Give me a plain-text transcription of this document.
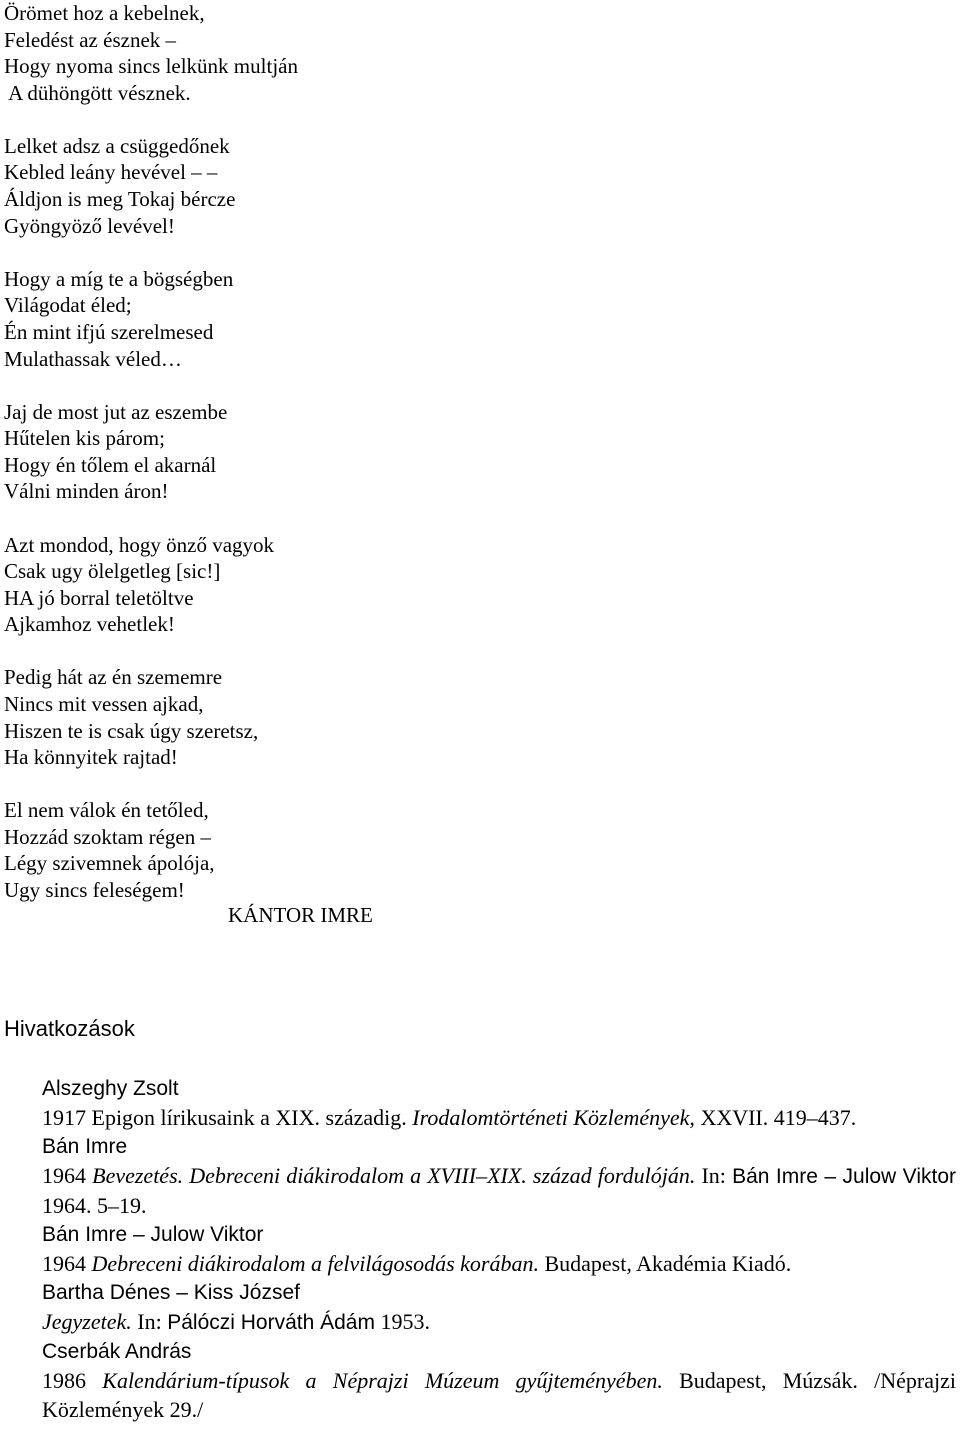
Örömet hoz a kebelnek,
Feledést az észnek –
Hogy nyoma sincs lelkünk multján
A dühöngött vésznek.
Lelket adsz a csüggedőnek
Kebled leány hevével – –
Áldjon is meg Tokaj bércze
Gyöngyöző levével!
Hogy a míg te a bögségben
Világodat éled;
Én mint ifjú szerelmesed
Mulathassak véled…
Jaj de most jut az eszembe
Hűtelen kis párom;
Hogy én tőlem el akarnál
Válni minden áron!
Azt mondod, hogy önző vagyok
Csak ugy ölelgetleg [sic!]
HA jó borral teletöltve
Ajkamhoz vehetlek!
Pedig hát az én szememre
Nincs mit vessen ajkad,
Hiszen te is csak úgy szeretsz,
Ha könnyitek rajtad!
El nem válok én tetőled,
Hozzád szoktam régen –
Légy szivemnek ápolója,
Ugy sincs feleségem!
KÁNTOR IMRE
Hivatkozások
Alszeghy Zsolt
1917 Epigon lírikusaink a XIX. századig. Irodalomtörténeti Közlemények, XXVII. 419–437.
Bán Imre
1964 Bevezetés. Debreceni diákirodalom a XVIII–XIX. század fordulóján. In: Bán Imre – Julow Viktor 1964. 5–19.
Bán Imre – Julow Viktor
1964 Debreceni diákirodalom a felvilágosodás korában. Budapest, Akadémia Kiadó.
Bartha Dénes – Kiss József
Jegyzetek. In: Pálóczi Horváth Ádám 1953.
Cserbák András
1986 Kalendárium-típusok a Néprajzi Múzeum gyűjteményében. Budapest, Múzsák. /Néprajzi Közlemények 29./
